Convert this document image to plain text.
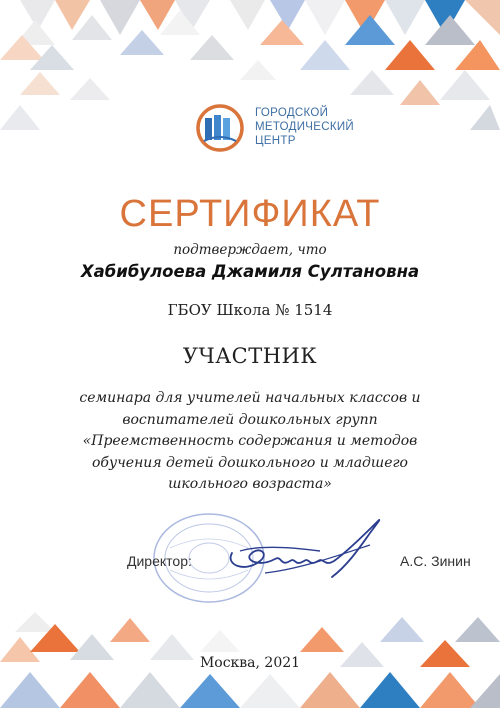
ГОРОДСКОЙ
МЕТОДИЧЕСКИЙ
ЦЕНТР
СЕРТИФИКАТ
подтверждает, что
Хабибулоева Джамиля Султановна
ГБОУ Школа № 1514
УЧАСТНИК
семинара для учителей начальных классов и
воспитателей дошкольных групп
«Преемственность содержания и методов
обучения детей дошкольного и младшего
школьного возраста»
Директор:	А.С. Зинин
Москва, 2021
